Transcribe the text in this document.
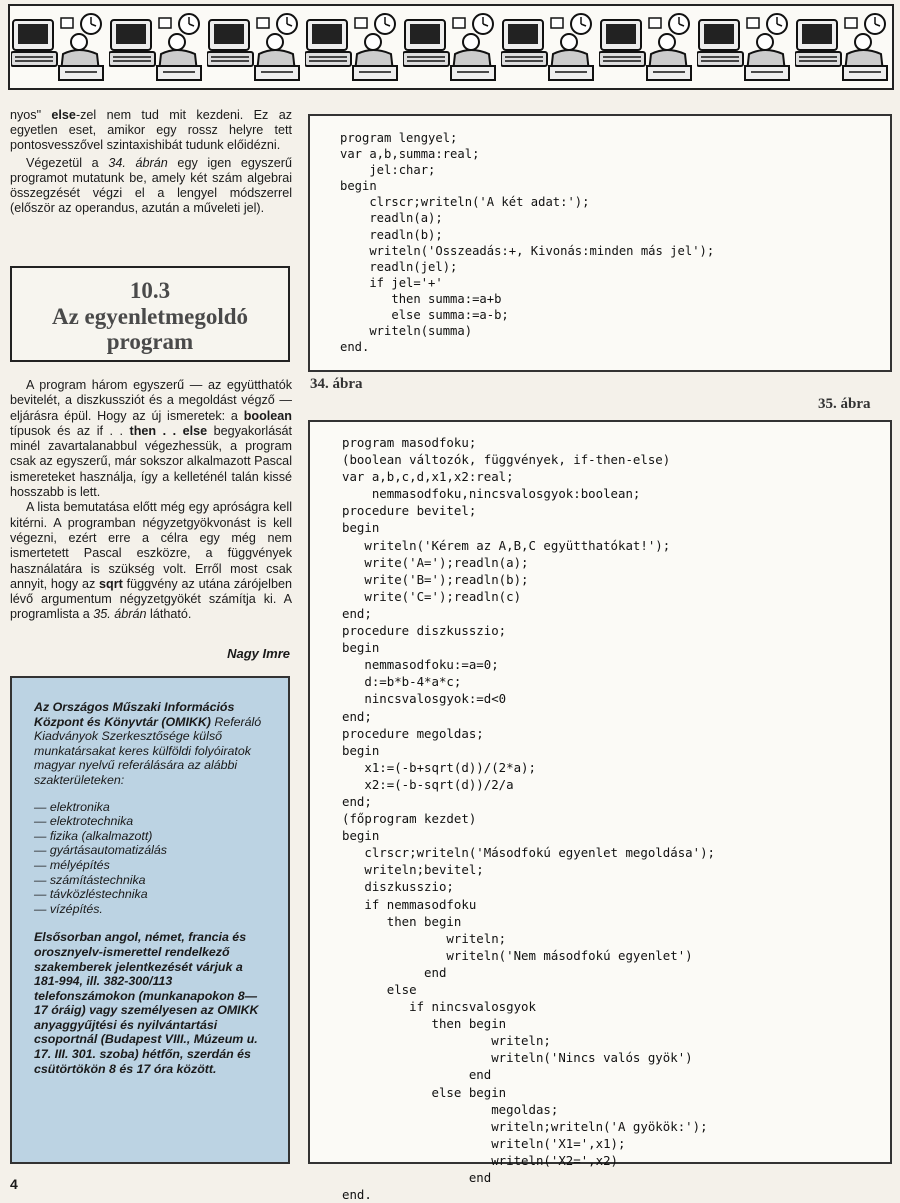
nyos" else-zel nem tud mit kezdeni. Ez az egyetlen eset, amikor egy rossz helyre tett pontosvesszővel szintaxishibát tudunk előidézni.

Végezetül a 34. ábrán egy igen egyszerű programot mutatunk be, amely két szám algebrai összegzését végzi el a lengyel módszerrel (először az operandus, azután a műveleti jel).

10.3
Az egyenletmegoldó
program

A program három egyszerű — az együtthatók bevitelét, a diszkussziót és a megoldást végző — eljárásra épül. Hogy az új ismeretek: a boolean típusok és az if . . then . . else begyakorlását minél zavartalanabbul végezhessük, a program csak az egyszerű, már sokszor alkalmazott Pascal ismereteket használja, így a kelleténél talán kissé hosszabb is lett.

A lista bemutatása előtt még egy apróságra kell kitérni. A programban négyzetgyökvonást is kell végezni, ezért erre a célra egy még nem ismertetett Pascal eszközre, a függvények használatára is szükség volt. Erről most csak annyit, hogy az sqrt függvény az utána zárójelben lévő argumentum négyzetgyökét számítja ki. A programlista a 35. ábrán látható.

Nagy Imre
Az Országos Műszaki Információs Központ és Könyvtár (OMIKK) Referáló Kiadványok Szerkesztősége külső munkatársakat keres külföldi folyóiratok magyar nyelvű referálására az alábbi szakterületeken:
— elektronika
— elektrotechnika
— fizika (alkalmazott)
— gyártásautomatizálás
— mélyépítés
— számítástechnika
— távközléstechnika
— vízépítés.
Elsősorban angol, német, francia és orosznyelv-ismerettel rendelkező szakemberek jelentkezését várjuk a 181-994, ill. 382-300/113 telefonszámokon (munkanapokon 8—17 óráig) vagy személyesen az OMIKK anyaggyűjtési és nyilvántartási csoportnál (Budapest VIII., Múzeum u. 17. III. 301. szoba) hétfőn, szerdán és csütörtökön 8 és 17 óra között.
program lengyel;
var a,b,summa:real;
jel:char;
begin
clrscr;writeln('A két adat:');
readln(a);
readln(b);
writeln('Osszeadás:+, Kivonás:minden más jel');
readln(jel);
if jel='+'
then summa:=a+b
else summa:=a-b;
writeln(summa)
end.
34. ábra
35. ábra
program masodfoku;
(boolean változók, függvények, if-then-else)
var a,b,c,d,x1,x2:real;
nemmasodfoku,nincsvalosgyok:boolean;
procedure bevitel;
begin
writeln('Kérem az A,B,C együtthatókat!');
write('A=');readln(a);
write('B=');readln(b);
write('C=');readln(c)
end;
procedure diszkusszio;
begin
nemmasodfoku:=a=0;
d:=b*b-4*a*c;
nincsvalosgyok:=d<0
end;
procedure megoldas;
begin
x1:=(-b+sqrt(d))/(2*a);
x2:=(-b-sqrt(d))/2/a
end;
(főprogram kezdet)
begin
clrscr;writeln('Másodfokú egyenlet megoldása');
writeln;bevitel;
diszkusszio;
if nemmasodfoku
then begin
writeln;
writeln('Nem másodfokú egyenlet')
end
else
if nincsvalosgyok
then begin
writeln;
writeln('Nincs valós gyök')
end
else begin
megoldas;
writeln;writeln('A gyökök:');
writeln('X1=',x1);
writeln('X2=',x2)
end
end.
4
